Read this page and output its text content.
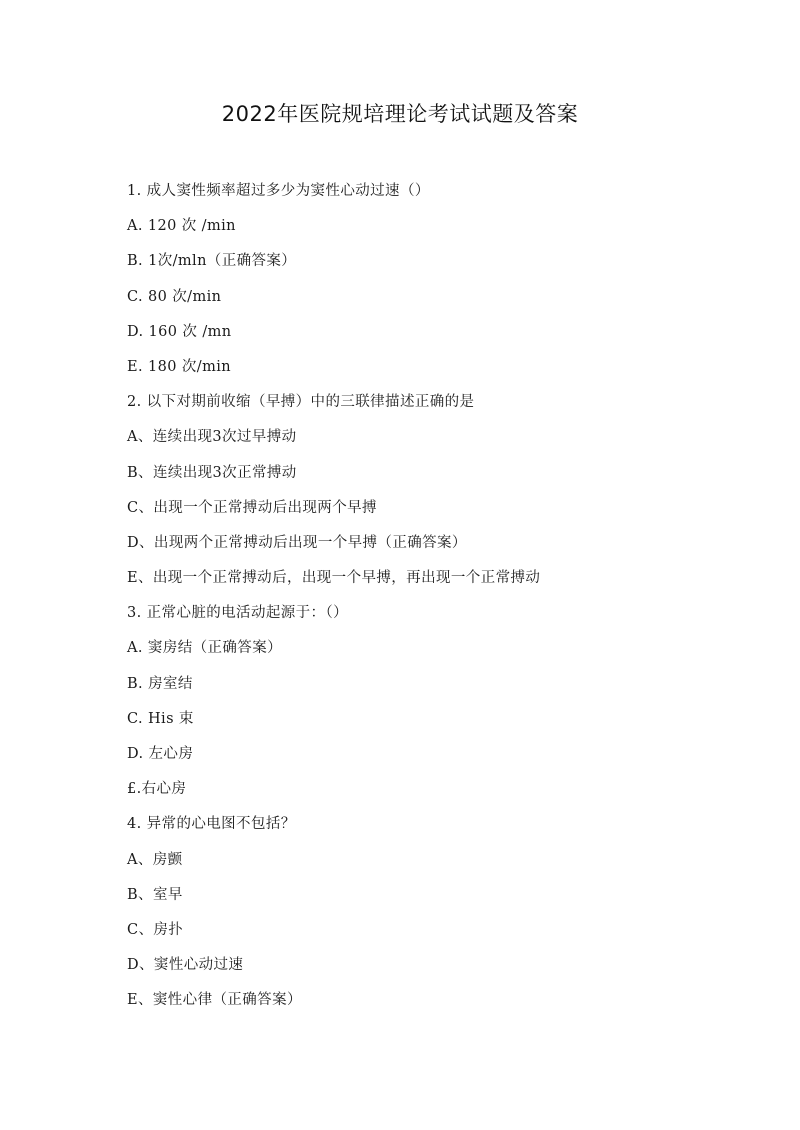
2022年医院规培理论考试试题及答案
1. 成人窦性频率超过多少为窦性心动过速（）
A. 120 次 /min
B. 1次/mln（正确答案）
C. 80 次/min
D. 160 次 /mn
E. 180 次/min
2. 以下对期前收缩（早搏）中的三联律描述正确的是
A、连续出现3次过早搏动
B、连续出现3次正常搏动
C、出现一个正常搏动后出现两个早搏
D、出现两个正常搏动后出现一个早搏（正确答案）
E、出现一个正常搏动后，出现一个早搏，再出现一个正常搏动
3. 正常心脏的电活动起源于：（）
A. 窦房结（正确答案）
B. 房室结
C. His 束
D. 左心房
£.右心房
4. 异常的心电图不包括？
A、房颤
B、室早
C、房扑
D、窦性心动过速
E、窦性心律（正确答案）
